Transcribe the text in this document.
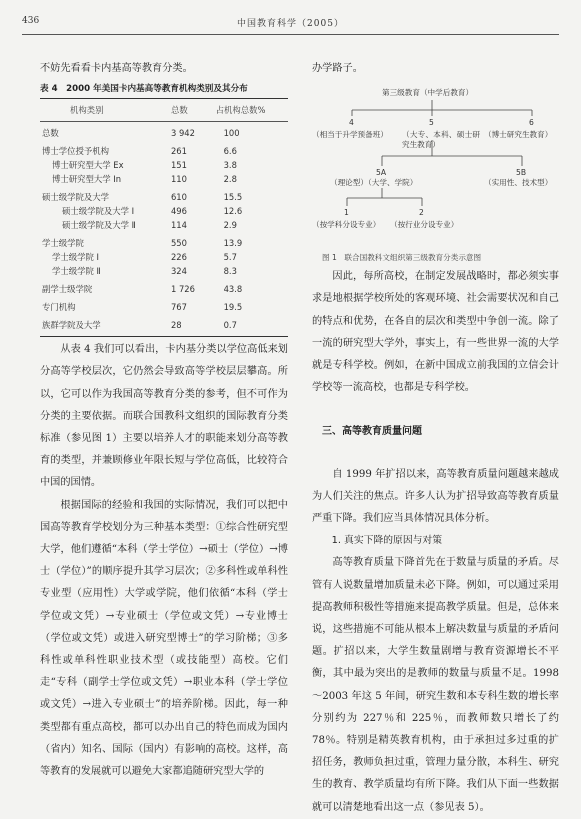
436	中国教育科学（2005）

不妨先看看卡内基高等教育分类。

表 4　2000 年美国卡内基高等教育机构类别及其分布
机构类别	总数	占机构总数%
总数	3 942	100
博士学位授予机构	261	6.6
博士研究型大学 Ex	151	3.8
博士研究型大学 In	110	2.8
硕士级学院及大学	610	15.5
硕士级学院及大学 Ⅰ	496	12.6
硕士级学院及大学 Ⅱ	114	2.9
学士级学院	550	13.9
学士级学院 Ⅰ	226	5.7
学士级学院 Ⅱ	324	8.3
副学士级学院	1 726	43.8
专门机构	767	19.5
族群学院及大学	28	0.7

从表 4 我们可以看出，卡内基分类以学位高低来划分高等学校层次，它仍然会导致高等学校层层攀高。所以，它可以作为我国高等教育分类的参考，但不可作为分类的主要依据。而联合国教科文组织的国际教育分类标准（参见图 1）主要以培养人才的职能来划分高等教育的类型，并兼顾修业年限长短与学位高低，比较符合中国的国情。

根据国际的经验和我国的实际情况，我们可以把中国高等教育学校划分为三种基本类型：①综合性研究型大学，他们遵循“本科（学士学位）→硕士（学位）→博士（学位）”的顺序提升其学习层次；②多科性或单科性专业型（应用性）大学或学院，他们依循“本科（学士学位或文凭）→专业硕士（学位或文凭）→专业博士（学位或文凭）或进入研究型博士”的学习阶梯；③多科性或单科性职业技术型（或技能型）高校。它们走“专科（副学士学位或文凭）→职业本科（学士学位或文凭）→进入专业硕士”的培养阶梯。因此，每一种类型都有重点高校，都可以办出自己的特色而成为国内（省内）知名、国际（国内）有影响的高校。这样，高等教育的发展就可以避免大家都追随研究型大学的

办学路子。

第三级教育（中学后教育）
4	5	6
（相当于升学预备班） （大专、本科、硕士研究生教育）
（博士研究生教育）
5A	5B
（理论型）（大学、学院）	（实用性、技术型）
1	2
（按学科分设专业） （按行业分设专业）
图 1　联合国教科文组织第三级教育分类示意图

因此，每所高校，在制定发展战略时，都必须实事求是地根据学校所处的客观环境、社会需要状况和自己的特点和优势，在各自的层次和类型中争创一流。除了一流的研究型大学外，事实上，有一些世界一流的大学就是专科学校。例如，在新中国成立前我国的立信会计学校等一流高校，也都是专科学校。

三、高等教育质量问题

自 1999 年扩招以来，高等教育质量问题越来越成为人们关注的焦点。许多人认为扩招导致高等教育质量严重下降。我们应当具体情况具体分析。

1. 真实下降的原因与对策

高等教育质量下降首先在于数量与质量的矛盾。尽管有人说数量增加质量未必下降。例如，可以通过采用提高教师积极性等措施来提高教学质量。但是，总体来说，这些措施不可能从根本上解决数量与质量的矛盾问题。扩招以来，大学生数量剧增与教育资源增长不平衡，其中最为突出的是教师的数量与质量不足。1998～2003 年这 5 年间，研究生数和本专科生数的增长率分别约为 227％和 225％，而教师数只增长了约 78％。特别是精英教育机构，由于承担过多过重的扩招任务，教师负担过重，管理力量分散，本科生、研究生的教育、教学质量均有所下降。我们从下面一些数据就可以清楚地看出这一点（参见表 5）。
